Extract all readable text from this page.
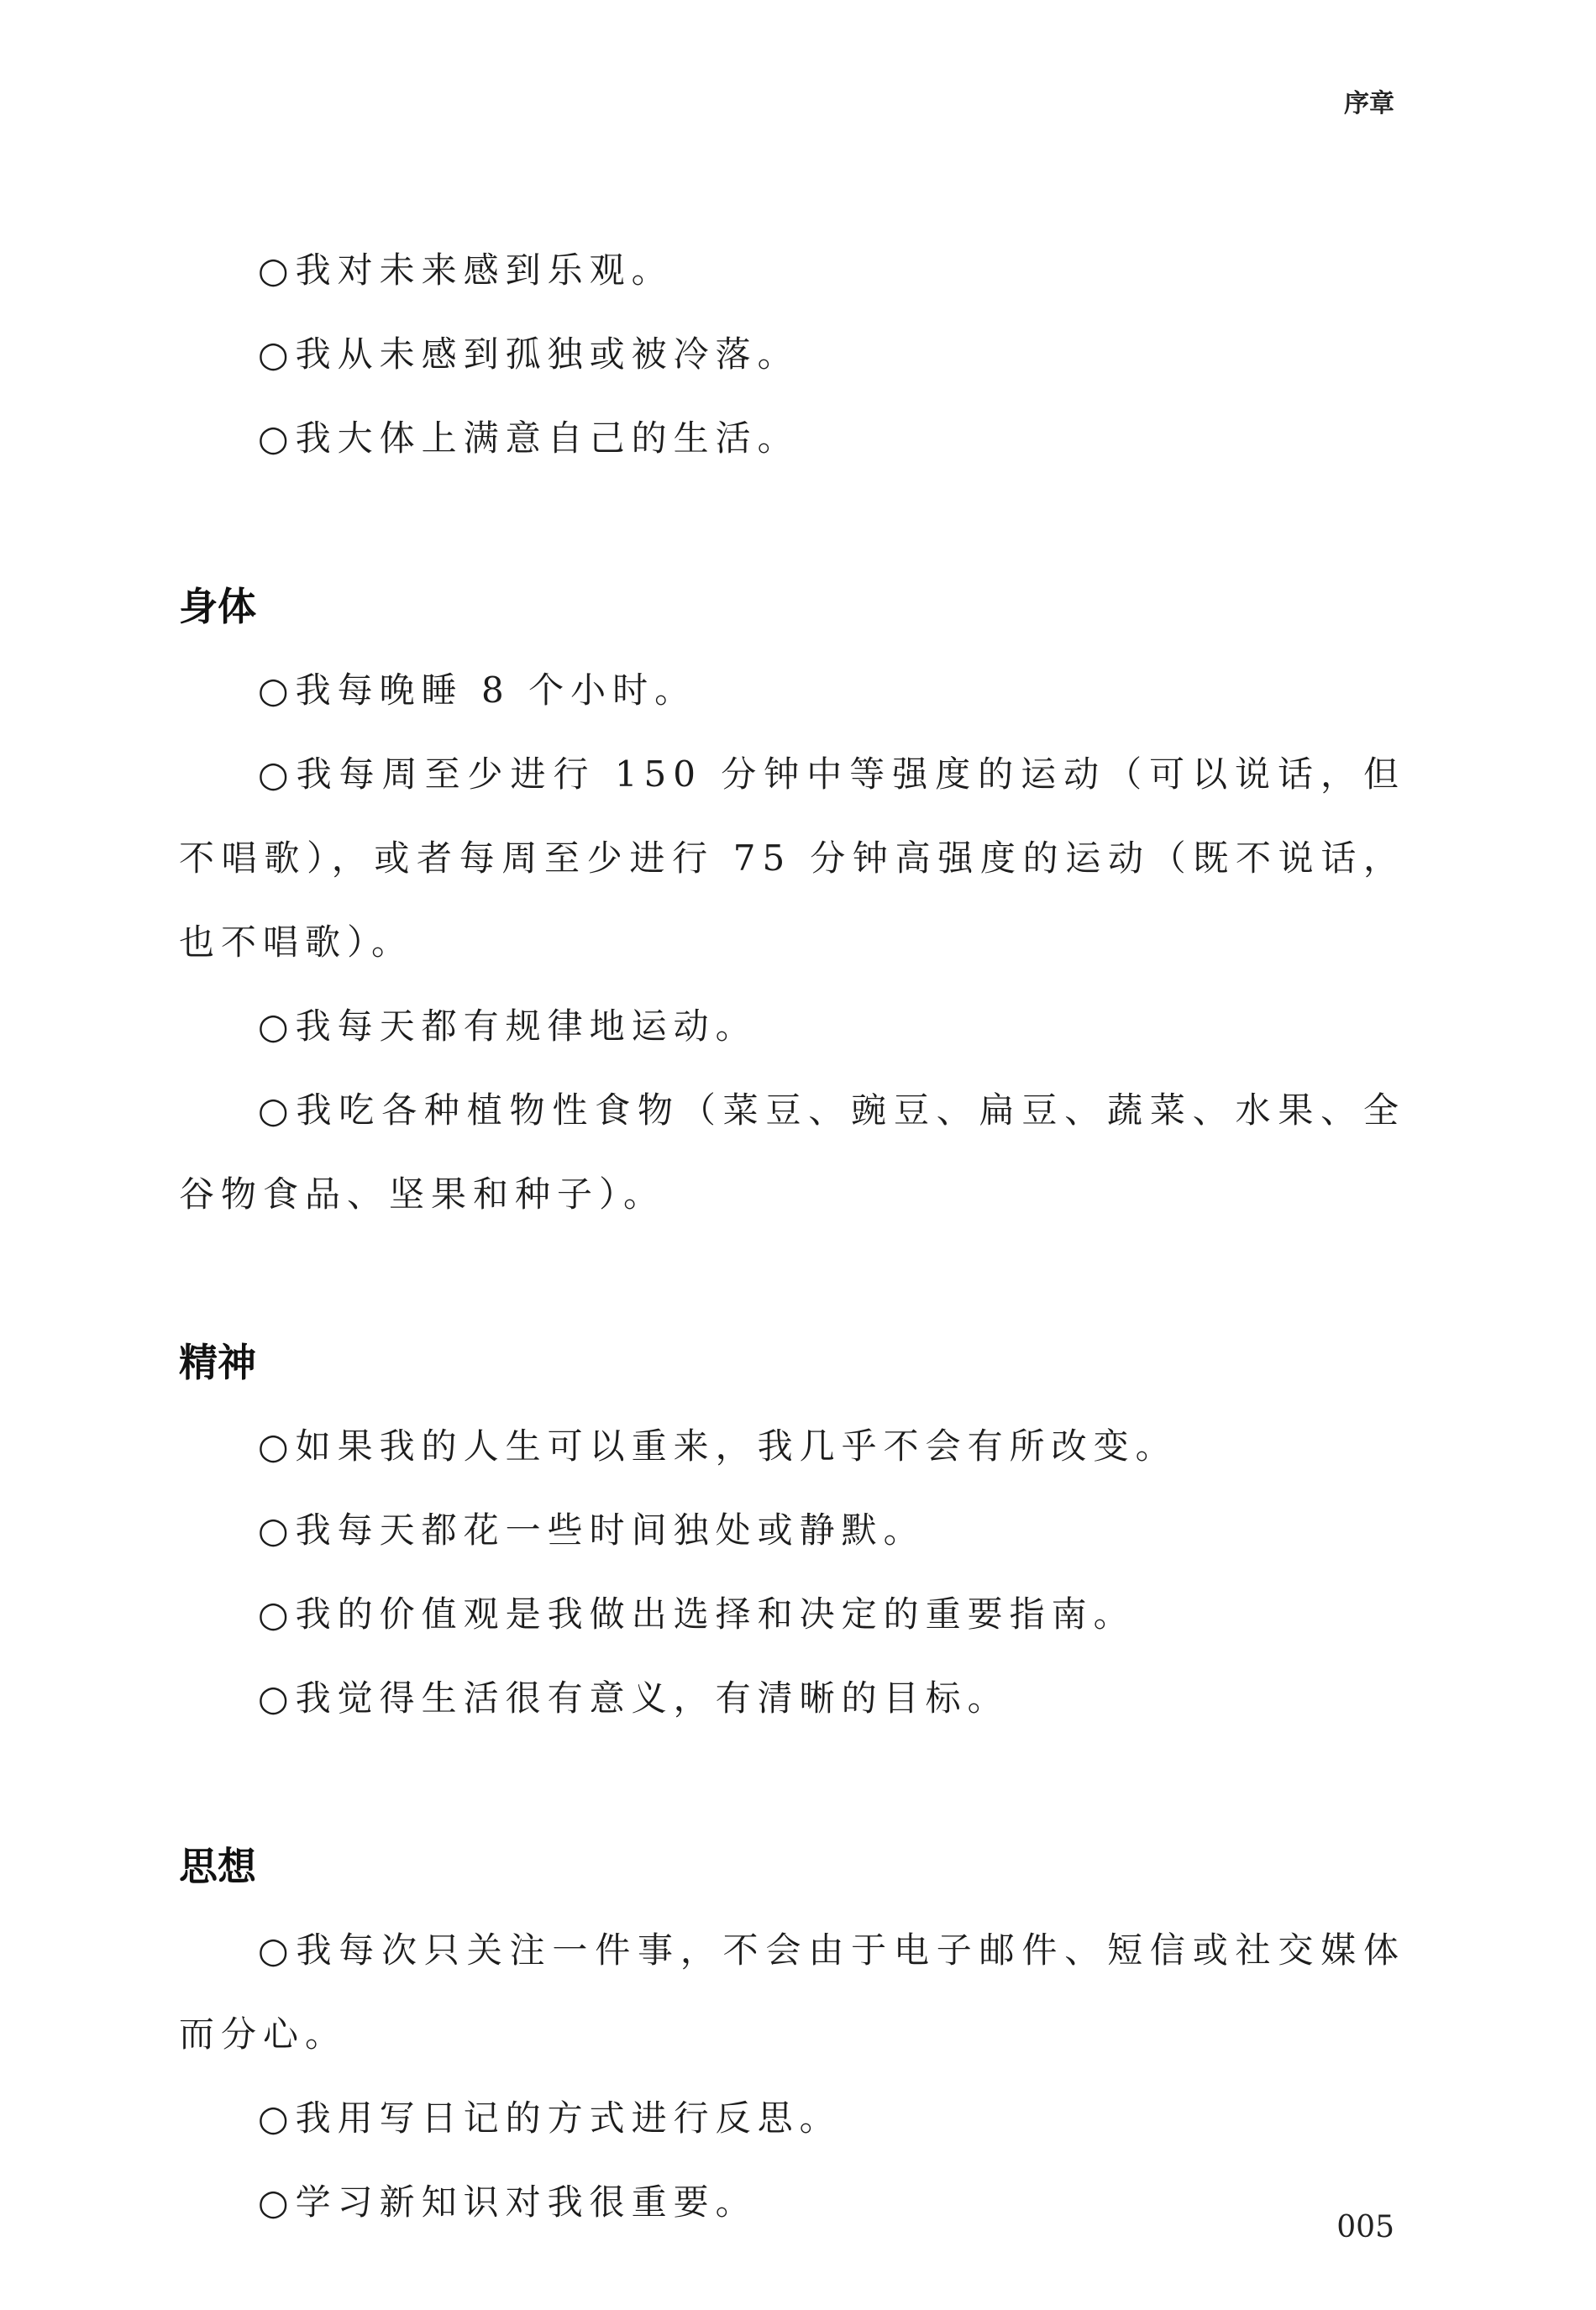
序章

○我对未来感到乐观。

○我从未感到孤独或被冷落。

○我大体上满意自己的生活。

身体

○我每晚睡 8 个小时。

○我每周至少进行 150 分钟中等强度的运动（可以说话，但不唱歌），或者每周至少进行 75 分钟高强度的运动（既不说话，也不唱歌）。

○我每天都有规律地运动。

○我吃各种植物性食物（菜豆、豌豆、扁豆、蔬菜、水果、全谷物食品、坚果和种子）。

精神

○如果我的人生可以重来，我几乎不会有所改变。

○我每天都花一些时间独处或静默。

○我的价值观是我做出选择和决定的重要指南。

○我觉得生活很有意义，有清晰的目标。

思想

○我每次只关注一件事，不会由于电子邮件、短信或社交媒体而分心。

○我用写日记的方式进行反思。

○学习新知识对我很重要。

005
